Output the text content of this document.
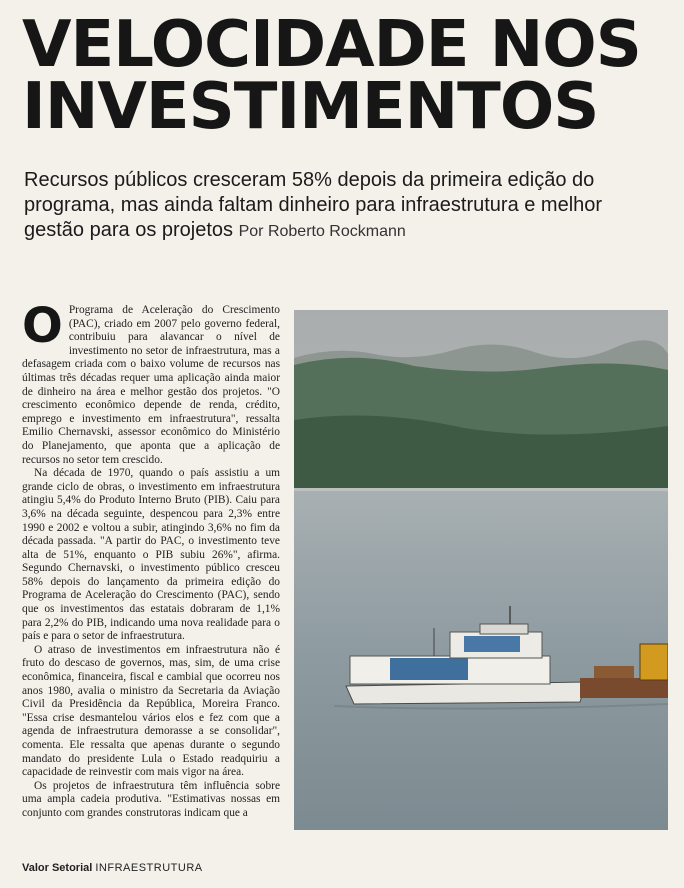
VELOCIDADE NOS
INVESTIMENTOS

Recursos públicos cresceram 58% depois da primeira edição do programa, mas ainda faltam dinheiro para infraestrutura e melhor gestão para os projetos Por Roberto Rockmann

O Programa de Aceleração do Crescimento (PAC), criado em 2007 pelo governo federal, contribuiu para alavancar o nível de investimento no setor de infraestrutura, mas a defasagem criada com o baixo volume de recursos nas últimas três décadas requer uma aplicação ainda maior de dinheiro na área e melhor gestão dos projetos. "O crescimento econômico depende de renda, crédito, emprego e investimento em infraestrutura", ressalta Emilio Chernavski, assessor econômico do Ministério do Planejamento, que aponta que a aplicação de recursos no setor tem crescido.

Na década de 1970, quando o país assistiu a um grande ciclo de obras, o investimento em infraestrutura atingiu 5,4% do Produto Interno Bruto (PIB). Caiu para 3,6% na década seguinte, despencou para 2,3% entre 1990 e 2002 e voltou a subir, atingindo 3,6% no fim da década passada. "A partir do PAC, o investimento teve alta de 51%, enquanto o PIB subiu 26%", afirma. Segundo Chernavski, o investimento público cresceu 58% depois do lançamento da primeira edição do Programa de Aceleração do Crescimento (PAC), sendo que os investimentos das estatais dobraram de 1,1% para 2,2% do PIB, indicando uma nova realidade para o país e para o setor de infraestrutura.

O atraso de investimentos em infraestrutura não é fruto do descaso de governos, mas, sim, de uma crise econômica, financeira, fiscal e cambial que ocorreu nos anos 1980, avalia o ministro da Secretaria da Aviação Civil da Presidência da República, Moreira Franco. "Essa crise desmantelou vários elos e fez com que a agenda de infraestrutura demorasse a se consolidar", comenta. Ele ressalta que apenas durante o segundo mandato do presidente Lula o Estado readquiriu a capacidade de reinvestir com mais vigor na área.

Os projetos de infraestrutura têm influência sobre uma ampla cadeia produtiva. "Estimativas nossas em conjunto com grandes construtoras indicam que a

Valor Setorial INFRAESTRUTURA
